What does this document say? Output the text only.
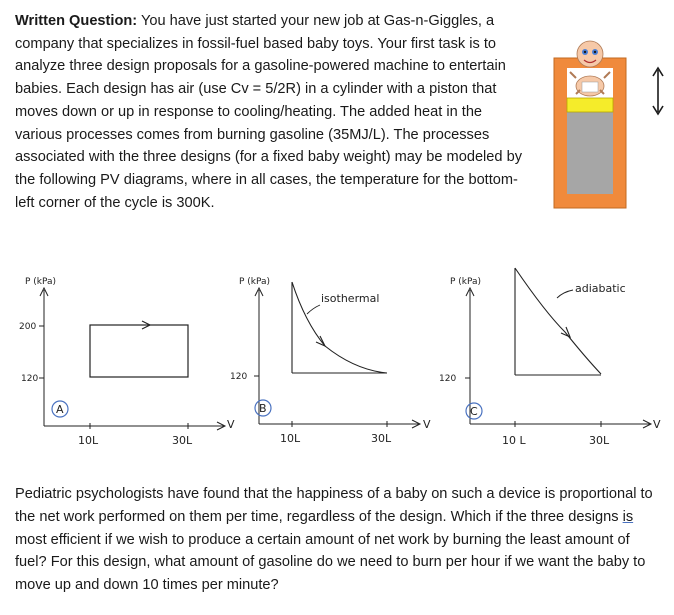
Written Question: You have just started your new job at Gas-n-Giggles, a company that specializes in fossil-fuel based baby toys. Your first task is to analyze three design proposals for a gasoline-powered machine to entertain babies. Each design has air (use Cv = 5/2R) in a cylinder with a piston that moves down or up in response to cooling/heating. The added heat in the various processes comes from burning gasoline (35MJ/L). The processes associated with the three designs (for a fixed baby weight) may be modeled by the following PV diagrams, where in all cases, the temperature for the bottom-left corner of the cycle is 300K.
P (kPa)
V
200
120
A
10L	30L
P (kPa)
V
120
isothermal
B
10L	30L
P (kPa)
V
120
adiabatic
C
10 L	30L
Pediatric psychologists have found that the happiness of a baby on such a device is proportional to the net work performed on them per time, regardless of the design. Which if the three designs is most efficient if we wish to produce a certain amount of net work by burning the least amount of fuel? For this design, what amount of gasoline do we need to burn per hour if we want the baby to move up and down 10 times per minute?
